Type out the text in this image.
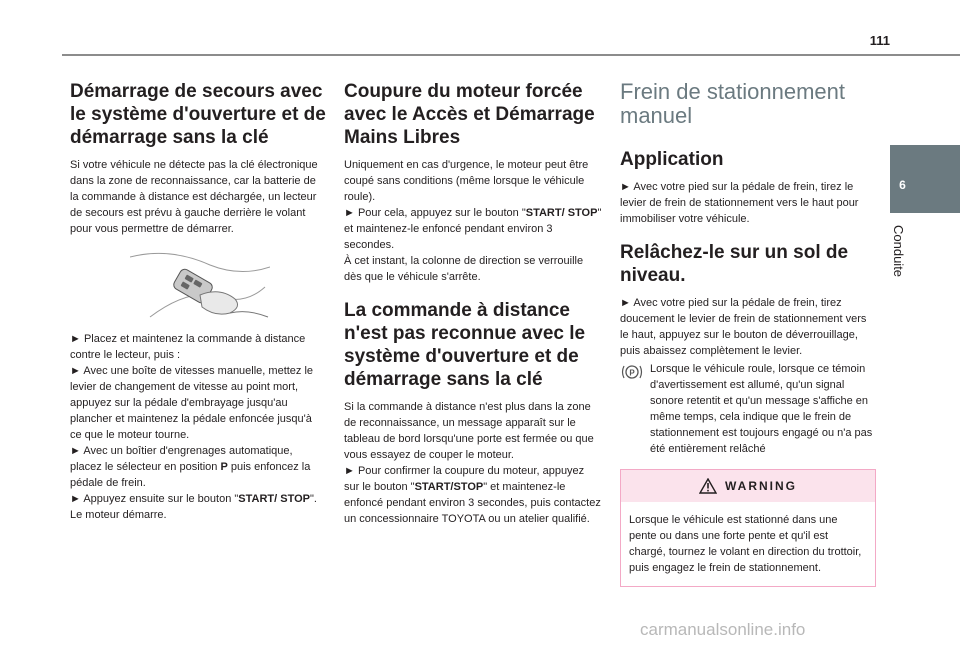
111
6
Conduite
Démarrage de secours avec le système d'ouverture et de démarrage sans la clé

Si votre véhicule ne détecte pas la clé électronique dans la zone de reconnaissance, car la batterie de la commande à distance est déchargée, un lecteur de secours est prévu à gauche derrière le volant pour vous permettre de démarrer.

► Placez et maintenez la commande à distance contre le lecteur, puis :

► Avec une boîte de vitesses manuelle, mettez le levier de changement de vitesse au point mort, appuyez sur la pédale d'embrayage jusqu'au plancher et maintenez la pédale enfoncée jusqu'à ce que le moteur tourne.

► Avec un boîtier d'engrenages automatique, placez le sélecteur en position P puis enfoncez la pédale de frein.

► Appuyez ensuite sur le bouton "START/ STOP".

Le moteur démarre.

Coupure du moteur forcée avec le Accès et Démarrage Mains Libres

Uniquement en cas d'urgence, le moteur peut être coupé sans conditions (même lorsque le véhicule roule).

► Pour cela, appuyez sur le bouton "START/ STOP" et maintenez-le enfoncé pendant environ 3 secondes.

À cet instant, la colonne de direction se verrouille dès que le véhicule s'arrête.

La commande à distance n'est pas reconnue avec le système d'ouverture et de démarrage sans la clé

Si la commande à distance n'est plus dans la zone de reconnaissance, un message apparaît sur le tableau de bord lorsqu'une porte est fermée ou que vous essayez de couper le moteur.

► Pour confirmer la coupure du moteur, appuyez sur le bouton "START/STOP" et maintenez-le enfoncé pendant environ 3 secondes, puis contactez un concessionnaire TOYOTA ou un atelier qualifié.

Frein de stationnement manuel
Application

► Avec votre pied sur la pédale de frein, tirez le levier de frein de stationnement vers le haut pour immobiliser votre véhicule.

Relâchez-le sur un sol de niveau.

► Avec votre pied sur la pédale de frein, tirez doucement le levier de frein de stationnement vers le haut, appuyez sur le bouton de déverrouillage, puis abaissez complètement le levier.

P Lorsque le véhicule roule, lorsque ce témoin d'avertissement est allumé, qu'un signal sonore retentit et qu'un message s'affiche en même temps, cela indique que le frein de stationnement est toujours engagé ou n'a pas été entièrement relâché

WARNING
Lorsque le véhicule est stationné dans une pente ou dans une forte pente et qu'il est chargé, tournez le volant en direction du trottoir, puis engagez le frein de stationnement.
carmanualsonline.info
